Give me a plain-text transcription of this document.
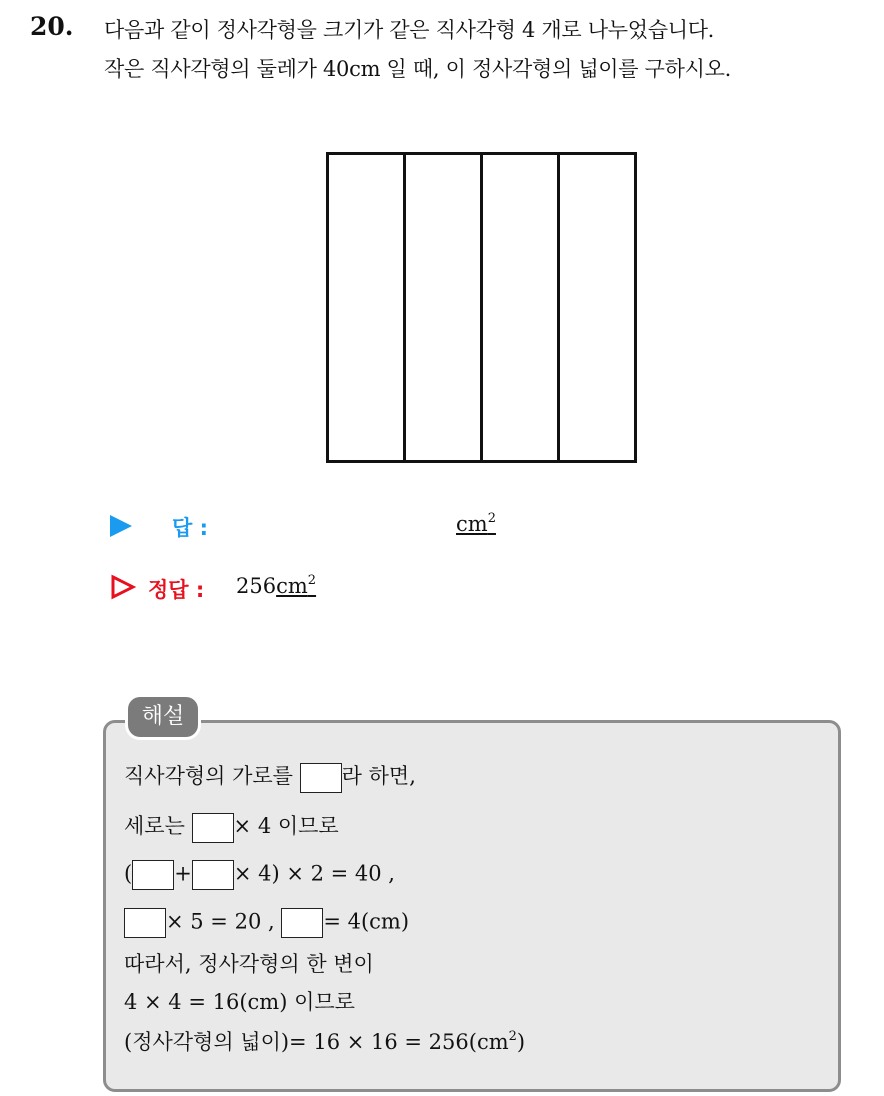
20. 다음과 같이 정사각형을 크기가 같은 직사각형 4 개로 나누었습니다.
작은 직사각형의 둘레가 40cm 일 때, 이 정사각형의 넓이를 구하시오.
답 :	$cm^2$
정답 : $256cm^2$
해설
직사각형의 가로를 라 하면,
세로는 × 4 이므로
( + × 4) × 2 = 40 ,
× 5 = 20 , = 4(cm)
따라서, 정사각형의 한 변이
4 × 4 = 16(cm) 이므로
(정사각형의 넓이)= $16 \times 16 = 256(cm^2)$
